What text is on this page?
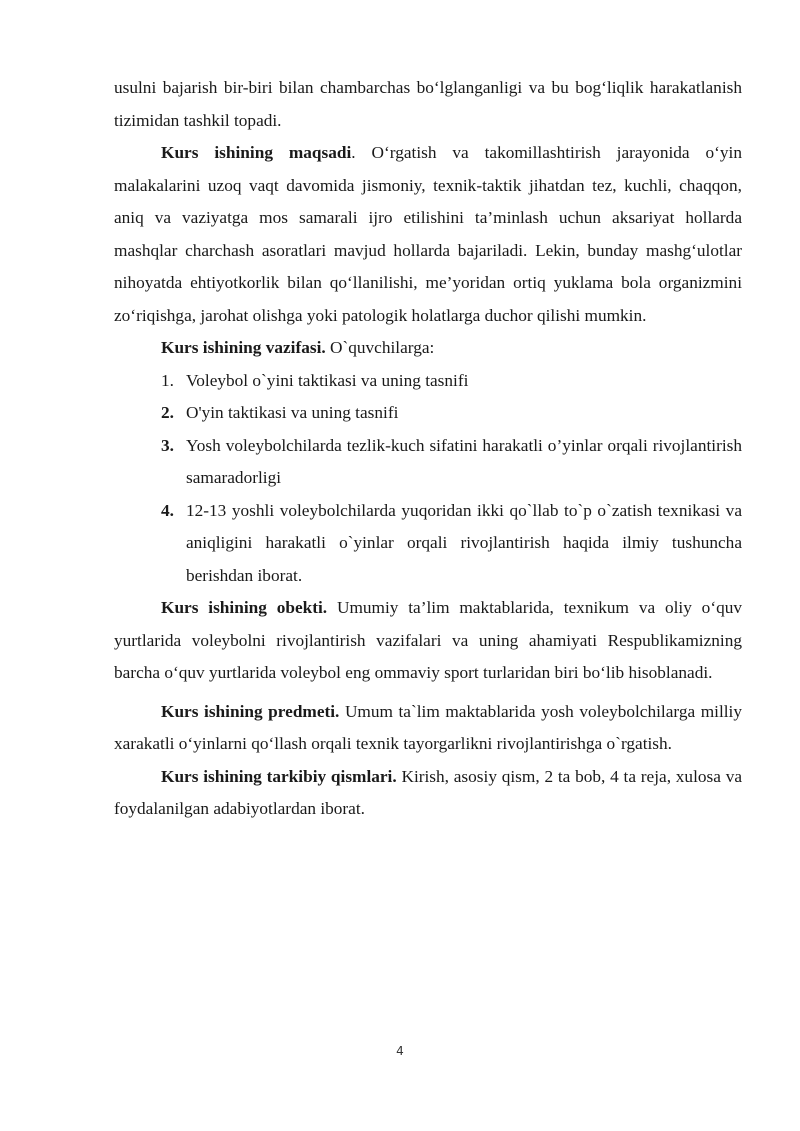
usulni bajarish bir-biri bilan chambarchas bo‘lglanganligi va bu bog‘liqlik harakatlanish tizimidan tashkil topadi.

Kurs ishining maqsadi. O‘rgatish va takomillashtirish jarayonida o‘yin malakalarini uzoq vaqt davomida jismoniy, texnik-taktik jihatdan tez, kuchli, chaqqon, aniq va vaziyatga mos samarali ijro etilishini ta’minlash uchun aksariyat hollarda mashqlar charchash asoratlari mavjud hollarda bajariladi. Lekin, bunday mashg‘ulotlar nihoyatda ehtiyotkorlik bilan qo‘llanilishi, me’yoridan ortiq yuklama bola organizmini zo‘riqishga, jarohat olishga yoki patologik holatlarga duchor qilishi mumkin.

Kurs ishining vazifasi. O`quvchilarga:

1. Voleybol o`yini taktikasi va uning tasnifi
2. O'yin taktikasi va uning tasnifi
3. Yosh voleybolchilarda tezlik-kuch sifatini harakatli o’yinlar orqali rivojlantirish samaradorligi
4. 12-13 yoshli voleybolchilarda yuqoridan ikki qo`llab to`p o`zatish texnikasi va aniqligini harakatli o`yinlar orqali rivojlantirish haqida ilmiy tushuncha berishdan iborat.

Kurs ishining obekti. Umumiy ta’lim maktablarida, texnikum va oliy o‘quv yurtlarida voleybolni rivojlantirish vazifalari va uning ahamiyati Respublikamizning barcha o‘quv yurtlarida voleybol eng ommaviy sport turlaridan biri bo‘lib hisoblanadi.

Kurs ishining predmeti. Umum ta`lim maktablarida yosh voleybolchilarga milliy xarakatli o‘yinlarni qo‘llash orqali texnik tayorgarlikni rivojlantirishga o`rgatish.

Kurs ishining tarkibiy qismlari. Kirish, asosiy qism, 2 ta bob, 4 ta reja, xulosa va foydalanilgan adabiyotlardan iborat.

4
